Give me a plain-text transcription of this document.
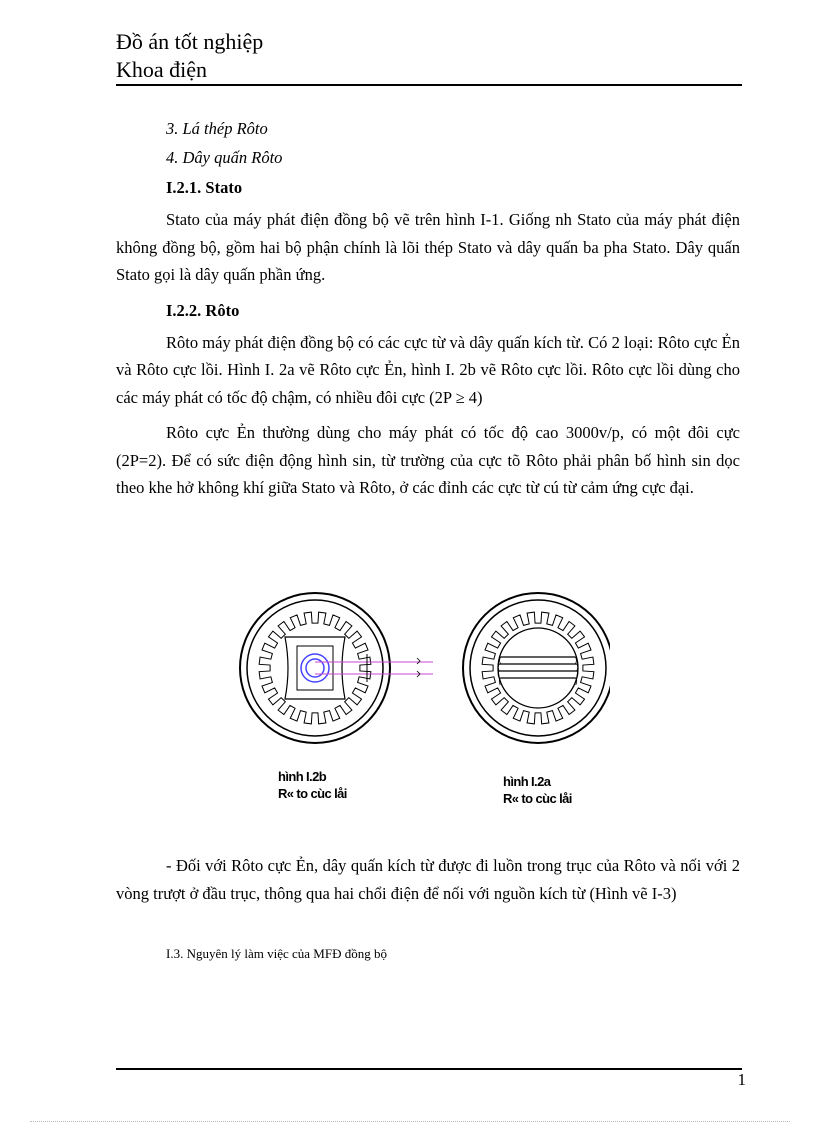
Đồ án tốt nghiệp
Khoa điện
3. Lá thép Rôto
4. Dây quấn Rôto
I.2.1. Stato

Stato của máy phát điện đồng bộ vẽ trên hình I-1. Giống nh Stato của máy phát điện không đồng bộ, gồm hai bộ phận chính là lõi thép Stato và dây quấn ba pha Stato. Dây quấn Stato gọi là dây quấn phần ứng.

I.2.2. Rôto

Rôto máy phát điện đồng bộ có các cực từ và dây quấn kích từ. Có 2 loại: Rôto cực Ẻn và Rôto cực lồi. Hình I. 2a vẽ Rôto cực Ẻn, hình I. 2b vẽ Rôto cực lồi. Rôto cực lồi dùng cho các máy phát có tốc độ chậm, có nhiều đôi cực (2P ≥ 4)

Rôto cực Ẻn thường dùng cho máy phát có tốc độ cao 3000v/p, có một đôi cực (2P=2). Để có sức điện động hình sin, từ trường của cực tõ Rôto phải phân bố hình sin dọc theo khe hở không khí giữa Stato và Rôto, ở các đỉnh các cực từ cú từ cảm ứng cực đại.

hình I.2b
R« to cùc låi
hình I.2a
R« to cùc låi

- Đối với Rôto cực Ẻn, dây quấn kích từ được đi luồn trong trục của Rôto và nối với 2 vòng trượt ở đầu trục, thông qua hai chổi điện để nối với nguồn kích từ (Hình vẽ I-3)

I.3. Nguyên lý làm việc của MFĐ đồng bộ
1
